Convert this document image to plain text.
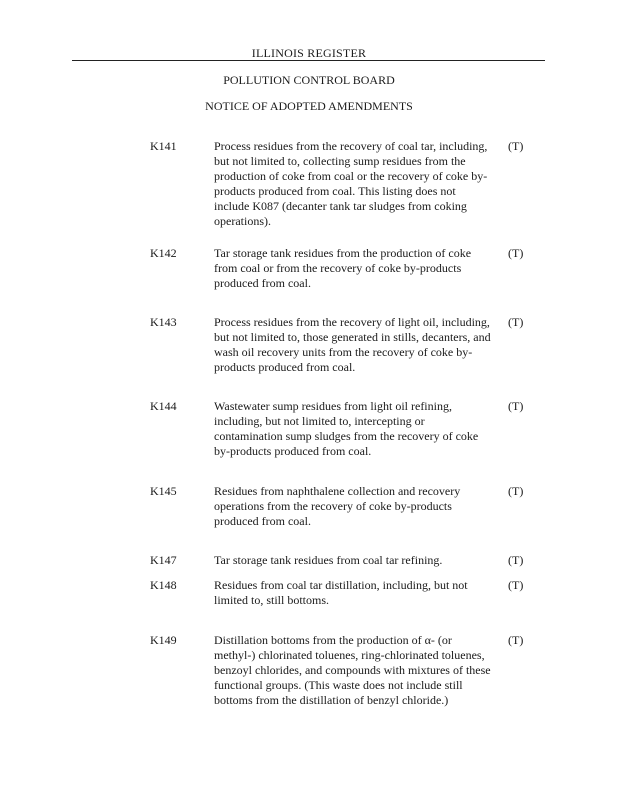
ILLINOIS REGISTER
POLLUTION CONTROL BOARD
NOTICE OF ADOPTED AMENDMENTS
K141	Process residues from the recovery of coal tar, including,
but not limited to, collecting sump residues from the
production of coke from coal or the recovery of coke by-
products produced from coal. This listing does not
include K087 (decanter tank tar sludges from coking
operations).
(T)
K142	Tar storage tank residues from the production of coke
from coal or from the recovery of coke by-products
produced from coal.
(T)
K143	Process residues from the recovery of light oil, including,
but not limited to, those generated in stills, decanters, and
wash oil recovery units from the recovery of coke by-
products produced from coal.
(T)
K144	Wastewater sump residues from light oil refining,
including, but not limited to, intercepting or
contamination sump sludges from the recovery of coke
by-products produced from coal.
(T)
K145	Residues from naphthalene collection and recovery
operations from the recovery of coke by-products
produced from coal.
(T)
K147	Tar storage tank residues from coal tar refining.	(T)
K148	Residues from coal tar distillation, including, but not
limited to, still bottoms.
(T)
K149	Distillation bottoms from the production of α- (or
methyl-) chlorinated toluenes, ring-chlorinated toluenes,
benzoyl chlorides, and compounds with mixtures of these
functional groups. (This waste does not include still
bottoms from the distillation of benzyl chloride.)
(T)
